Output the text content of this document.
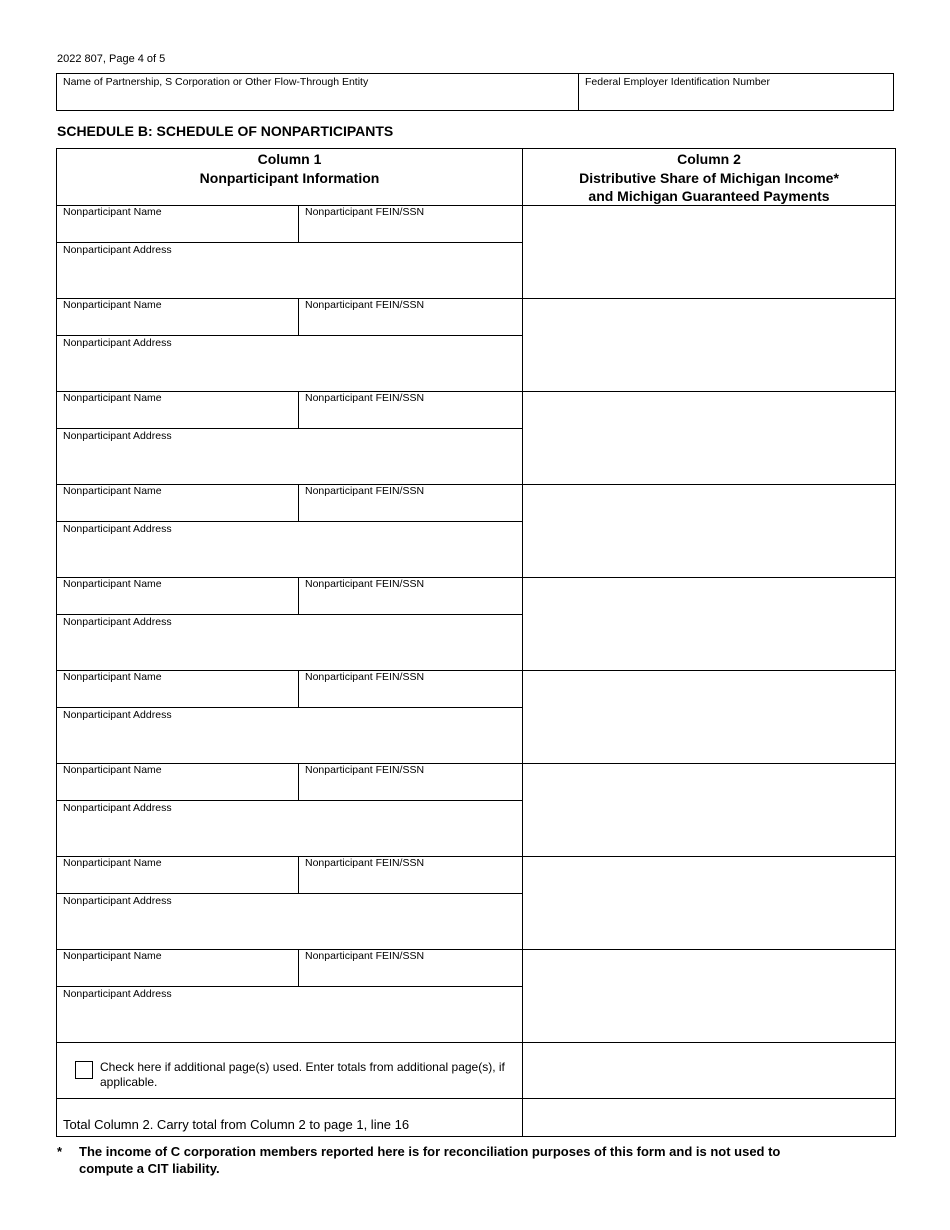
2022 807, Page 4 of 5
Name of Partnership, S Corporation or Other Flow-Through Entity	Federal Employer Identification Number
SCHEDULE B: SCHEDULE OF NONPARTICIPANTS
Column 1
Nonparticipant Information
Column 2
Distributive Share of Michigan Income*
and Michigan Guaranteed Payments
Nonparticipant Name	Nonparticipant FEIN/SSN
Nonparticipant Address
Nonparticipant Name	Nonparticipant FEIN/SSN
Nonparticipant Address
Nonparticipant Name	Nonparticipant FEIN/SSN
Nonparticipant Address
Nonparticipant Name	Nonparticipant FEIN/SSN
Nonparticipant Address
Nonparticipant Name	Nonparticipant FEIN/SSN
Nonparticipant Address
Nonparticipant Name	Nonparticipant FEIN/SSN
Nonparticipant Address
Nonparticipant Name	Nonparticipant FEIN/SSN
Nonparticipant Address
Nonparticipant Name	Nonparticipant FEIN/SSN
Nonparticipant Address
Nonparticipant Name	Nonparticipant FEIN/SSN
Nonparticipant Address
Check here if additional page(s) used. Enter totals from additional page(s), if applicable.
Total Column 2. Carry total from Column 2 to page 1, line 16
*	The income of C corporation members reported here is for reconciliation purposes of this form and is not used to compute a CIT liability.
